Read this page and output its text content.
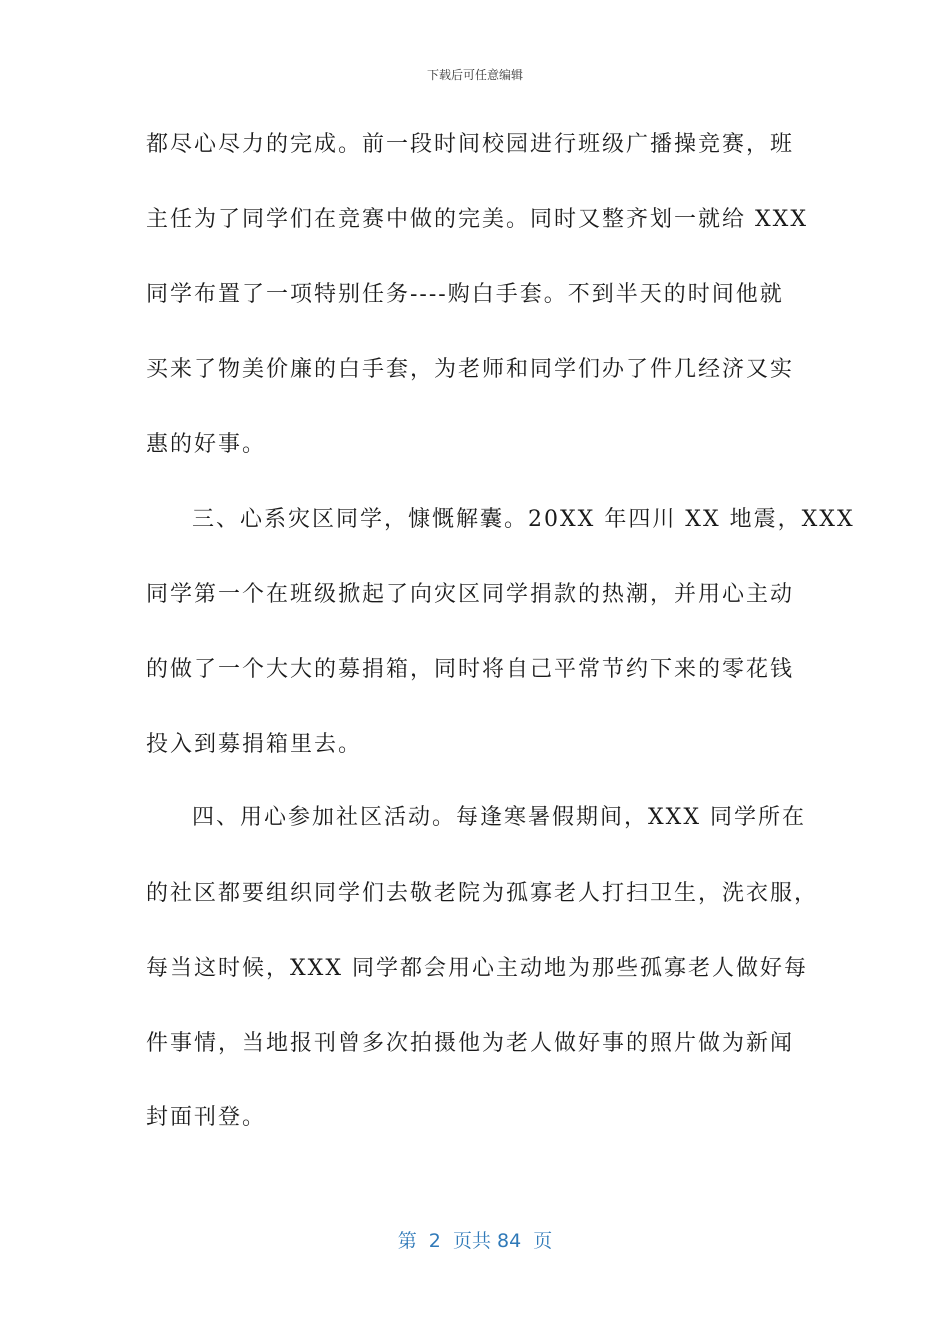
下载后可任意编辑
都尽心尽力的完成。前一段时间校园进行班级广播操竞赛，班
主任为了同学们在竞赛中做的完美。同时又整齐划一就给 XXX
同学布置了一项特别任务----购白手套。不到半天的时间他就
买来了物美价廉的白手套，为老师和同学们办了件几经济又实
惠的好事。
三、心系灾区同学，慷慨解囊。20XX 年四川 XX 地震，XXX
同学第一个在班级掀起了向灾区同学捐款的热潮，并用心主动
的做了一个大大的募捐箱，同时将自己平常节约下来的零花钱
投入到募捐箱里去。
四、用心参加社区活动。每逢寒暑假期间，XXX 同学所在
的社区都要组织同学们去敬老院为孤寡老人打扫卫生，洗衣服，
每当这时候，XXX 同学都会用心主动地为那些孤寡老人做好每
件事情，当地报刊曾多次拍摄他为老人做好事的照片做为新闻
封面刊登。
第  2  页共 84  页
